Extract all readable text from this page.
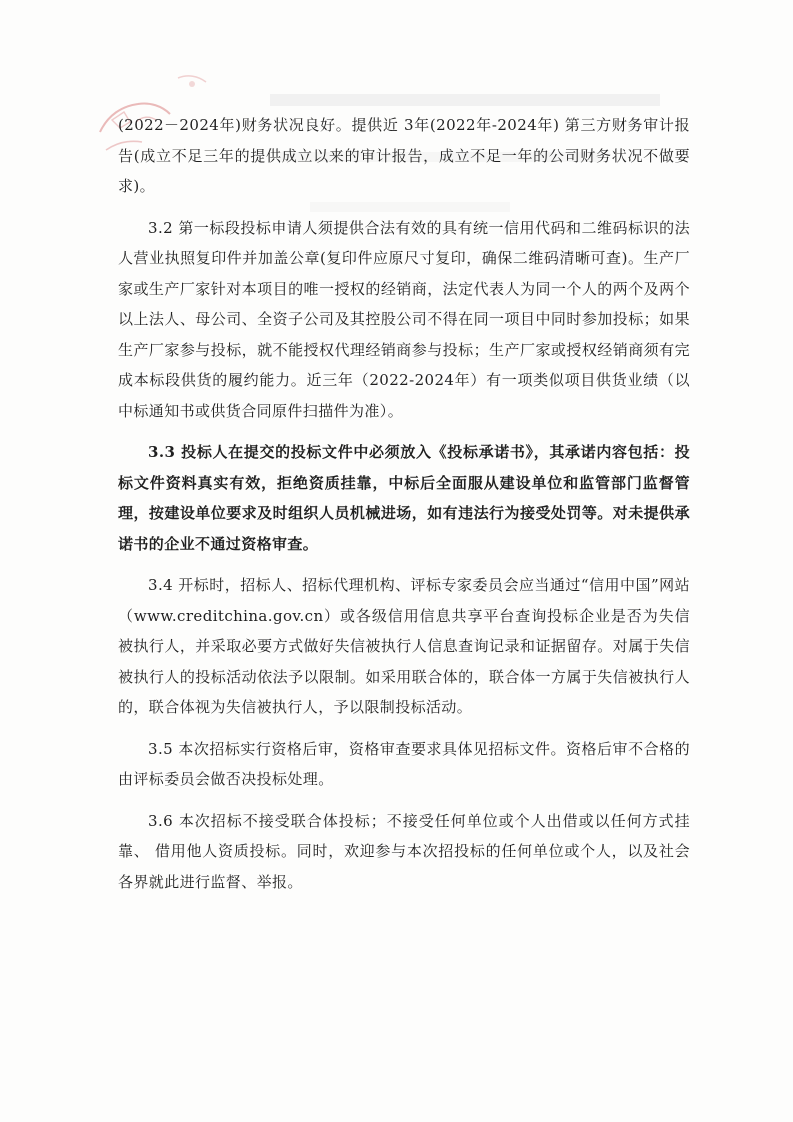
(2022－2024年)财务状况良好。提供近 3年(2022年-2024年) 第三方财务审计报告(成立不足三年的提供成立以来的审计报告，成立不足一年的公司财务状况不做要求)。

3.2 第一标段投标申请人须提供合法有效的具有统一信用代码和二维码标识的法人营业执照复印件并加盖公章(复印件应原尺寸复印，确保二维码清晰可查)。生产厂家或生产厂家针对本项目的唯一授权的经销商，法定代表人为同一个人的两个及两个以上法人、母公司、全资子公司及其控股公司不得在同一项目中同时参加投标；如果生产厂家参与投标，就不能授权代理经销商参与投标；生产厂家或授权经销商须有完成本标段供货的履约能力。近三年（2022-2024年）有一项类似项目供货业绩（以中标通知书或供货合同原件扫描件为准）。

3.3 投标人在提交的投标文件中必须放入《投标承诺书》，其承诺内容包括：投标文件资料真实有效，拒绝资质挂靠，中标后全面服从建设单位和监管部门监督管理，按建设单位要求及时组织人员机械进场，如有违法行为接受处罚等。对未提供承诺书的企业不通过资格审查。

3.4 开标时，招标人、招标代理机构、评标专家委员会应当通过“信用中国”网站（www.creditchina.gov.cn）或各级信用信息共享平台查询投标企业是否为失信被执行人，并采取必要方式做好失信被执行人信息查询记录和证据留存。对属于失信被执行人的投标活动依法予以限制。如采用联合体的，联合体一方属于失信被执行人的，联合体视为失信被执行人，予以限制投标活动。

3.5 本次招标实行资格后审，资格审查要求具体见招标文件。资格后审不合格的由评标委员会做否决投标处理。

3.6 本次招标不接受联合体投标；不接受任何单位或个人出借或以任何方式挂靠、 借用他人资质投标。同时，欢迎参与本次招投标的任何单位或个人，以及社会各界就此进行监督、举报。
